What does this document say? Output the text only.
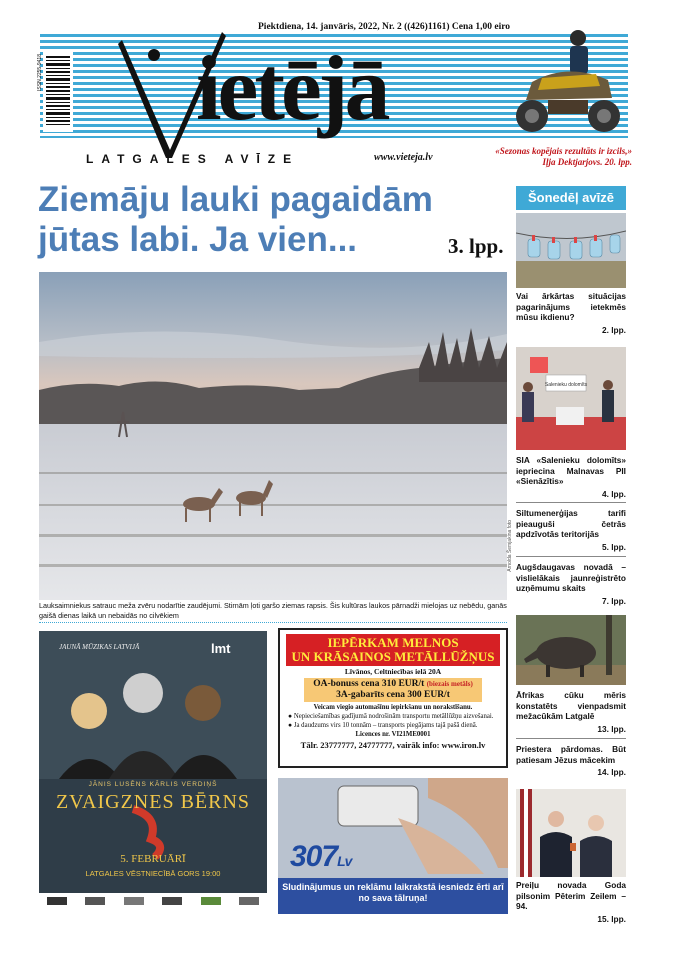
Piektdiena, 14. janvāris, 2022, Nr. 2 ((426)1161) Cena 1,00 eiro
ISSN 2255-9418 ietējā
LATGALES AVĪZE	www.vieteja.lv
«Sezonas kopējais rezultāts ir izcils,»
Iļja Dektjarjovs. 20. lpp.
Ziemāju lauki pagaidām
jūtas labi. Ja vien...	3. lpp.
Arnolda Šemjakina foto
Lauksaimniekus satrauc meža zvēru nodarītie zaudējumi. Stirnām ļoti garšo ziemas rapsis. Šis kultūras laukos pārnadži mielojas uz nebēdu, ganās gaišā dienas laikā un nebaidās no cilvēkiem
Šonedēļ avīzē
Vai ārkārtas situācijas pagarinājums ietekmēs mūsu ikdienu?
2. lpp.
Salenieku dolomīts
SIA «Salenieku dolomīts» iepriecina Malnavas PII «Sienāzītis»
4. lpp.
Siltumenerģijas tarifi pieauguši četrās apdzīvotās teritorijās
5. lpp.
Augšdaugavas novadā – vislielākais jaunreģistrēto uzņēmumu skaits
7. lpp.
Āfrikas cūku mēris konstatēts vienpadsmit mežacūkām Latgalē
13. lpp.
Priestera pārdomas. Būt patiesam Jēzus mācekim
14. lpp.
Preiļu novada Goda pilsonim Pēterim Zeilem – 94.
15. lpp.
JAUNĀ MŪZIKAS LATVIJĀ	lmt
JĀNIS LUSĒNS KĀRLIS VERDIŅŠ
ZVAIGZNES BĒRNS
5. FEBRUĀRĪ
LATGALES VĒSTNIECĪBĀ GORS 19:00
IEPĒRKAM MELNOS
UN KRĀSAINOS METĀLLŪŽŅUS
Līvānos, Celtniecības ielā 20A
OA-bonuss cena 310 EUR/t (biezais metāls)
3A-gabarīts cena 300 EUR/t
Veicam viegio automašīnu iepirkšanu un norakstīšanu.
● Nepieciešamības gadījumā nodrošinām transportu metāllūžņu aizvešanai.
● Ja daudzums virs 10 tonnām – transports piegājams tajā pašā dienā.
Licences nr. VI21ME0001
Tālr. 23777777, 24777777, vairāk info: www.iron.lv
307Lv
Sludinājumus un reklāmu laikrakstā iesniedz ērti arī no sava tālruņa!
